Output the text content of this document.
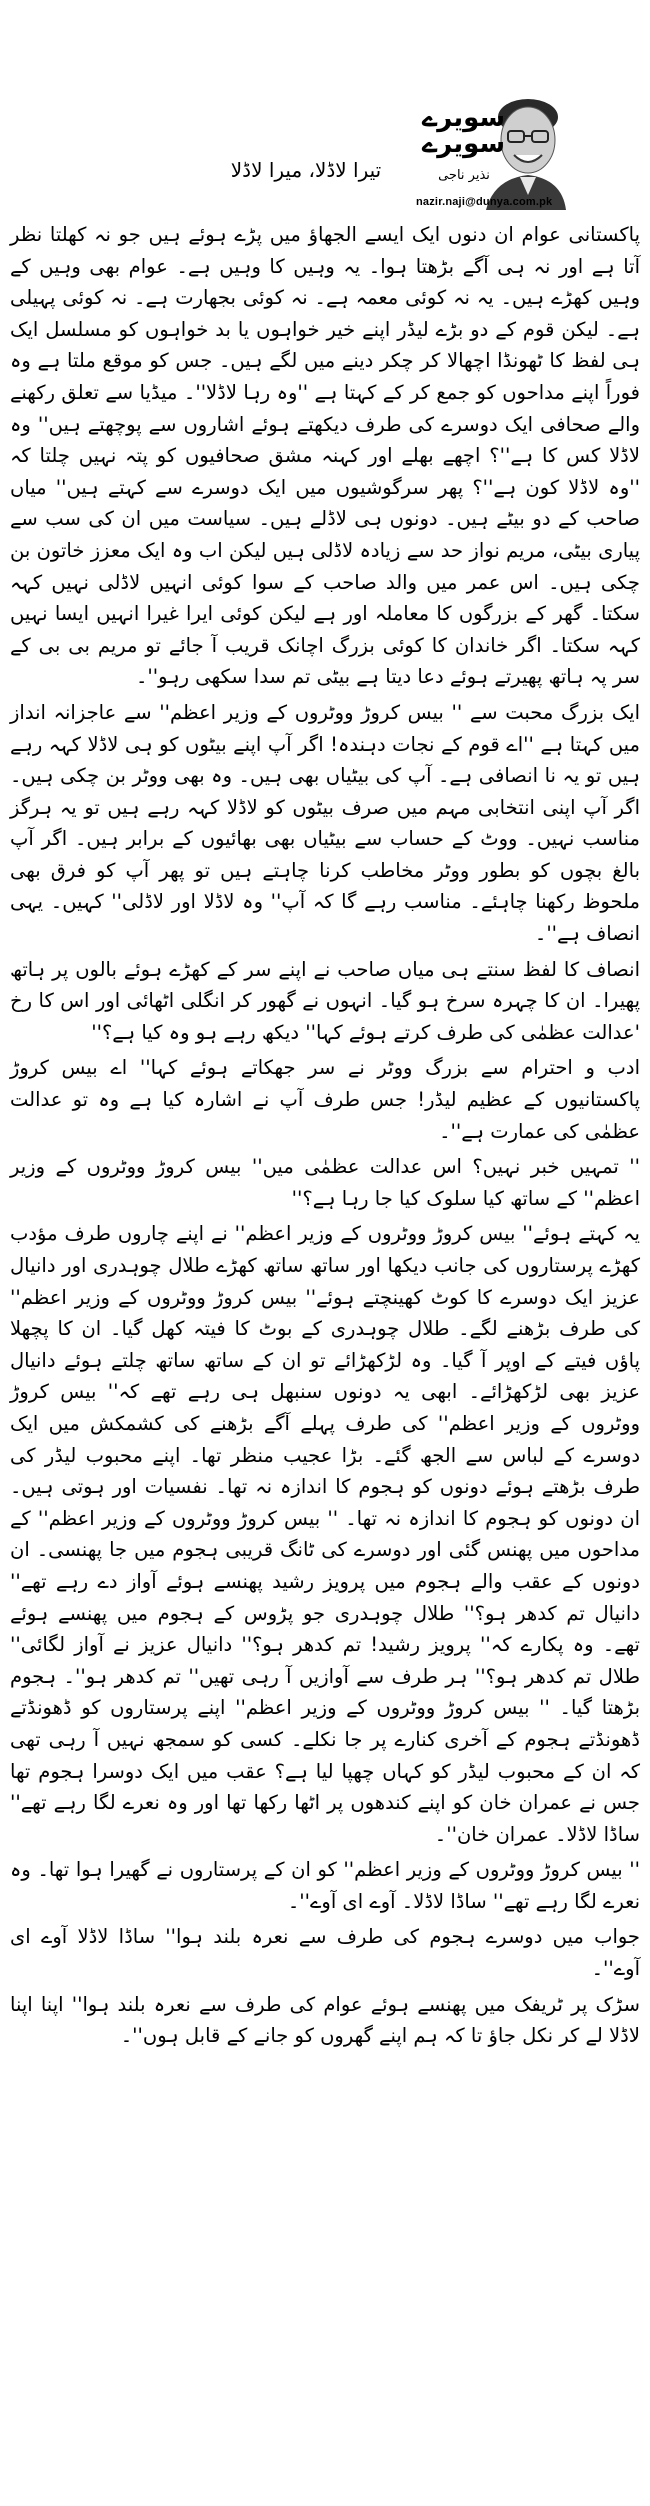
سویرے
سویرے
نذیر ناجی
nazir.naji@dunya.com.pk
تیرا لاڈلا، میرا لاڈلا

پاکستانی عوام ان دنوں ایک ایسے الجھاؤ میں پڑے ہوئے ہیں جو نہ کھلتا نظر آتا ہے اور نہ ہی آگے بڑھتا ہوا۔ یہ وہیں کا وہیں ہے۔ عوام بھی وہیں کے وہیں کھڑے ہیں۔ یہ نہ کوئی معمہ ہے۔ نہ کوئی بجھارت ہے۔ نہ کوئی پہیلی ہے۔ لیکن قوم کے دو بڑے لیڈر اپنے خیر خواہوں یا بد خواہوں کو مسلسل ایک ہی لفظ کا ٹھونڈا اچھالا کر چکر دینے میں لگے ہیں۔ جس کو موقع ملتا ہے وہ فوراً اپنے مداحوں کو جمع کر کے کہتا ہے ''وہ رہا لاڈلا''۔ میڈیا سے تعلق رکھنے والے صحافی ایک دوسرے کی طرف دیکھتے ہوئے اشاروں سے پوچھتے ہیں'' وہ لاڈلا کس کا ہے''؟ اچھے بھلے اور کہنہ مشق صحافیوں کو پتہ نہیں چلتا کہ ''وہ لاڈلا کون ہے''؟ پھر سرگوشیوں میں ایک دوسرے سے کہتے ہیں'' میاں صاحب کے دو بیٹے ہیں۔ دونوں ہی لاڈلے ہیں۔ سیاست میں ان کی سب سے پیاری بیٹی، مریم نواز حد سے زیادہ لاڈلی ہیں لیکن اب وہ ایک معزز خاتون بن چکی ہیں۔ اس عمر میں والد صاحب کے سوا کوئی انہیں لاڈلی نہیں کہہ سکتا۔ گھر کے بزرگوں کا معاملہ اور ہے لیکن کوئی ایرا غیرا انہیں ایسا نہیں کہہ سکتا۔ اگر خاندان کا کوئی بزرگ اچانک قریب آ جائے تو مریم بی بی کے سر پہ ہاتھ پھیرتے ہوئے دعا دیتا ہے بیٹی تم سدا سکھی رہو''۔

ایک بزرگ محبت سے '' بیس کروڑ ووٹروں کے وزیر اعظم'' سے عاجزانہ انداز میں کہتا ہے ''اے قوم کے نجات دہندہ! اگر آپ اپنے بیٹوں کو ہی لاڈلا کہہ رہے ہیں تو یہ نا انصافی ہے۔ آپ کی بیٹیاں بھی ہیں۔ وہ بھی ووٹر بن چکی ہیں۔ اگر آپ اپنی انتخابی مہم میں صرف بیٹوں کو لاڈلا کہہ رہے ہیں تو یہ ہرگز مناسب نہیں۔ ووٹ کے حساب سے بیٹیاں بھی بھائیوں کے برابر ہیں۔ اگر آپ بالغ بچوں کو بطور ووٹر مخاطب کرنا چاہتے ہیں تو پھر آپ کو فرق بھی ملحوظ رکھنا چاہئے۔ مناسب رہے گا کہ آپ'' وہ لاڈلا اور لاڈلی'' کہیں۔ یہی انصاف ہے''۔

انصاف کا لفظ سنتے ہی میاں صاحب نے اپنے سر کے کھڑے ہوئے بالوں پر ہاتھ پھیرا۔ ان کا چہرہ سرخ ہو گیا۔ انہوں نے گھور کر انگلی اٹھائی اور اس کا رخ 'عدالت عظمٰی کی طرف کرتے ہوئے کہا'' دیکھ رہے ہو وہ کیا ہے؟''

ادب و احترام سے بزرگ ووٹر نے سر جھکاتے ہوئے کہا'' اے بیس کروڑ پاکستانیوں کے عظیم لیڈر! جس طرف آپ نے اشارہ کیا ہے وہ تو عدالت عظمٰی کی عمارت ہے''۔

'' تمہیں خبر نہیں؟ اس عدالت عظمٰی میں'' بیس کروڑ ووٹروں کے وزیر اعظم'' کے ساتھ کیا سلوک کیا جا رہا ہے؟''

یہ کہتے ہوئے'' بیس کروڑ ووٹروں کے وزیر اعظم'' نے اپنے چاروں طرف مؤدب کھڑے پرستاروں کی جانب دیکھا اور ساتھ ساتھ کھڑے طلال چوہدری اور دانیال عزیز ایک دوسرے کا کوٹ کھینچتے ہوئے'' بیس کروڑ ووٹروں کے وزیر اعظم'' کی طرف بڑھنے لگے۔ طلال چوہدری کے بوٹ کا فیتہ کھل گیا۔ ان کا پچھلا پاؤں فیتے کے اوپر آ گیا۔ وہ لڑکھڑائے تو ان کے ساتھ ساتھ چلتے ہوئے دانیال عزیز بھی لڑکھڑائے۔ ابھی یہ دونوں سنبھل ہی رہے تھے کہ'' بیس کروڑ ووٹروں کے وزیر اعظم'' کی طرف پہلے آگے بڑھنے کی کشمکش میں ایک دوسرے کے لباس سے الجھ گئے۔ بڑا عجیب منظر تھا۔ اپنے محبوب لیڈر کی طرف بڑھتے ہوئے دونوں کو ہجوم کا اندازہ نہ تھا۔ نفسیات اور ہوتی ہیں۔ ان دونوں کو ہجوم کا اندازہ نہ تھا۔ '' بیس کروڑ ووٹروں کے وزیر اعظم'' کے مداحوں میں پھنس گئی اور دوسرے کی ٹانگ قریبی ہجوم میں جا پھنسی۔ ان دونوں کے عقب والے ہجوم میں پرویز رشید پھنسے ہوئے آواز دے رہے تھے'' دانیال تم کدھر ہو؟'' طلال چوہدری جو پڑوس کے ہجوم میں پھنسے ہوئے تھے۔ وہ پکارے کہ'' پرویز رشید! تم کدھر ہو؟'' دانیال عزیز نے آواز لگائی'' طلال تم کدھر ہو؟'' ہر طرف سے آوازیں آ رہی تھیں'' تم کدھر ہو''۔ ہجوم بڑھتا گیا۔ '' بیس کروڑ ووٹروں کے وزیر اعظم'' اپنے پرستاروں کو ڈھونڈتے ڈھونڈتے ہجوم کے آخری کنارے پر جا نکلے۔ کسی کو سمجھ نہیں آ رہی تھی کہ ان کے محبوب لیڈر کو کہاں چھپا لیا ہے؟ عقب میں ایک دوسرا ہجوم تھا جس نے عمران خان کو اپنے کندھوں پر اٹھا رکھا تھا اور وہ نعرے لگا رہے تھے'' ساڈا لاڈلا۔ عمران خان''۔

'' بیس کروڑ ووٹروں کے وزیر اعظم'' کو ان کے پرستاروں نے گھیرا ہوا تھا۔ وہ نعرے لگا رہے تھے'' ساڈا لاڈلا۔ آوے ای آوے''۔

جواب میں دوسرے ہجوم کی طرف سے نعرہ بلند ہوا'' ساڈا لاڈلا آوے ای آوے''۔

سڑک پر ٹریفک میں پھنسے ہوئے عوام کی طرف سے نعرہ بلند ہوا'' اپنا اپنا لاڈلا لے کر نکل جاؤ تا کہ ہم اپنے گھروں کو جانے کے قابل ہوں''۔
